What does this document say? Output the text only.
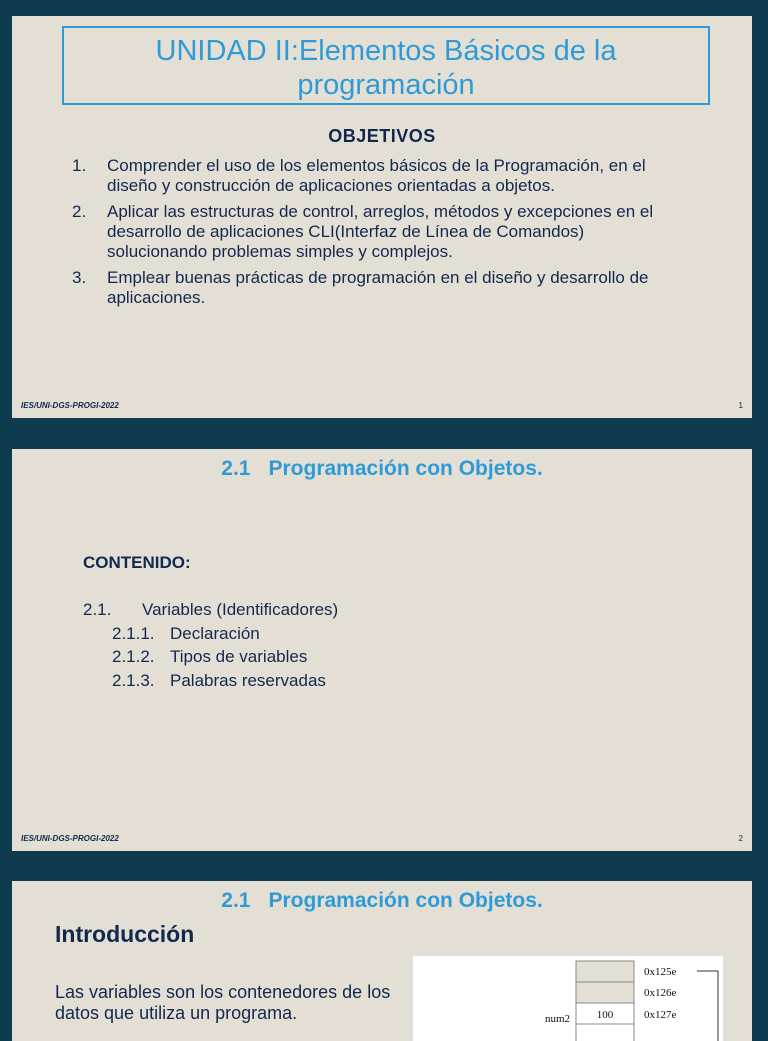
UNIDAD II:Elementos Básicos de la
programación
OBJETIVOS
1.	Comprender el uso de los elementos básicos de la Programación, en el diseño y construcción de aplicaciones orientadas a objetos.
2.	Aplicar las estructuras de control, arreglos, métodos y excepciones en el desarrollo de aplicaciones CLI(Interfaz de Línea de Comandos) solucionando problemas simples y complejos.
3.	Emplear buenas prácticas de programación en el diseño y desarrollo de aplicaciones.
IES/UNI-DGS-PROGI-2022	1
2.1 Programación con Objetos.
CONTENIDO:
2.1. Variables (Identificadores)
2.1.1. Declaración
2.1.2. Tipos de variables
2.1.3. Palabras reservadas
IES/UNI-DGS-PROGI-2022	2
2.1 Programación con Objetos.
Introducción
Las variables son los contenedores de los datos que utiliza un programa.
0x125e
0x126e
0x127e
100
num2
